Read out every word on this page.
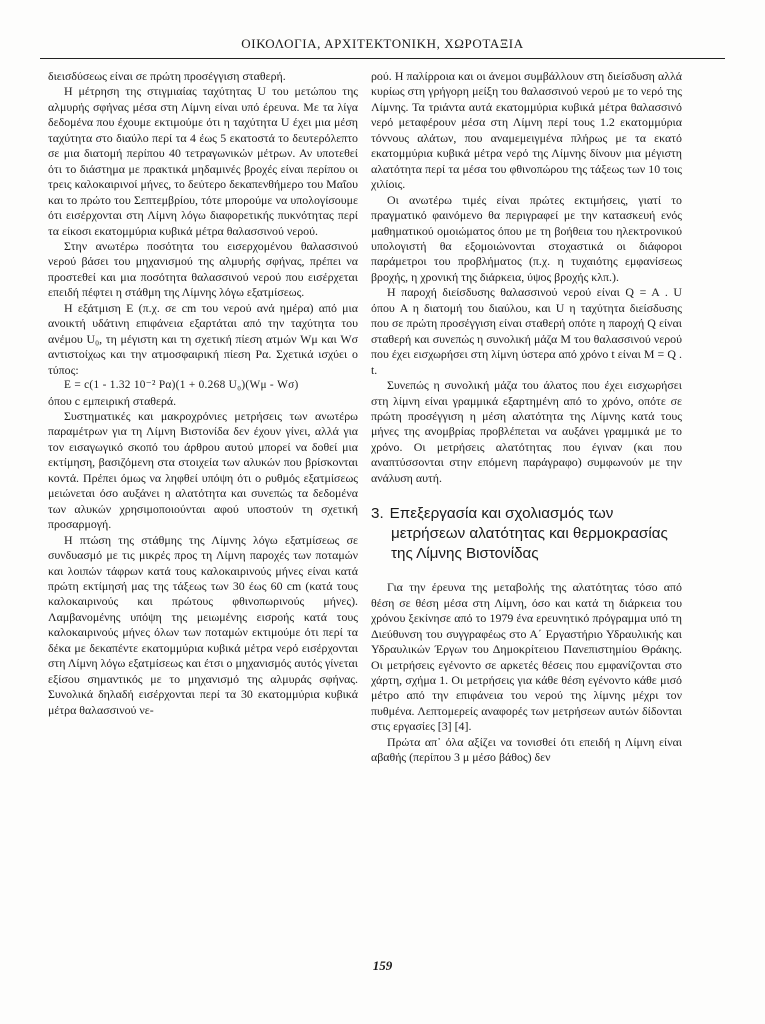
ΟΙΚΟΛΟΓΙΑ, ΑΡΧΙΤΕΚΤΟΝΙΚΗ, ΧΩΡΟΤΑΞΙΑ

διεισδύσεως είναι σε πρώτη προσέγγιση σταθερή.

Η μέτρηση της στιγμιαίας ταχύτητας U του μετώπου της αλμυρής σφήνας μέσα στη Λίμνη είναι υπό έρευνα. Με τα λίγα δεδομένα που έχουμε εκτιμούμε ότι η ταχύτητα U έχει μια μέση ταχύτητα στο διαύλο περί τα 4 έως 5 εκατοστά το δευτερόλεπτο σε μια διατομή περίπου 40 τετραγωνικών μέτρων. Αν υποτεθεί ότι το διάστημα με πρακτικά μηδαμινές βροχές είναι περίπου οι τρεις καλοκαιρινοί μήνες, το δεύτερο δεκαπενθήμερο του Μαΐου και το πρώτο του Σεπτεμβρίου, τότε μπορούμε να υπολογίσουμε ότι εισέρχονται στη Λίμνη λόγω διαφορετικής πυκνότητας περί τα είκοσι εκατομμύρια κυβικά μέτρα θαλασσινού νερού.

Στην ανωτέρω ποσότητα του εισερχομένου θαλασσινού νερού βάσει του μηχανισμού της αλμυρής σφήνας, πρέπει να προστεθεί και μια ποσότητα θαλασσινού νερού που εισέρχεται επειδή πέφτει η στάθμη της Λίμνης λόγω εξατμίσεως.

Η εξάτμιση E (π.χ. σε cm του νερού ανά ημέρα) από μια ανοικτή υδάτινη επιφάνεια εξαρτάται από την ταχύτητα του ανέμου U₀, τη μέγιστη και τη σχετική πίεση ατμών Wμ και Wσ αντιστοίχως και την ατμοσφαιρική πίεση Pα. Σχετικά ισχύει ο τύπος:

E = c(1 - 1.32 10⁻² Pα)(1 + 0.268 U₀)(Wμ - Wσ)

όπου c εμπειρική σταθερά.

Συστηματικές και μακροχρόνιες μετρήσεις των ανωτέρω παραμέτρων για τη Λίμνη Βιστονίδα δεν έχουν γίνει, αλλά για τον εισαγωγικό σκοπό του άρθρου αυτού μπορεί να δοθεί μια εκτίμηση, βασιζόμενη στα στοιχεία των αλυκών που βρίσκονται κοντά. Πρέπει όμως να ληφθεί υπόψη ότι ο ρυθμός εξατμίσεως μειώνεται όσο αυξάνει η αλατότητα και συνεπώς τα δεδομένα των αλυκών χρησιμοποιούνται αφού υποστούν τη σχετική προσαρμογή.

Η πτώση της στάθμης της Λίμνης λόγω εξατμίσεως σε συνδυασμό με τις μικρές προς τη Λίμνη παροχές των ποταμών και λοιπών τάφρων κατά τους καλοκαιρινούς μήνες είναι κατά πρώτη εκτίμησή μας της τάξεως των 30 έως 60 cm (κατά τους καλοκαιρινούς και πρώτους φθινοπωρινούς μήνες). Λαμβανομένης υπόψη της μειωμένης εισροής κατά τους καλοκαιρινούς μήνες όλων των ποταμών εκτιμούμε ότι περί τα δέκα με δεκαπέντε εκατομμύρια κυβικά μέτρα νερό εισέρχονται στη Λίμνη λόγω εξατμίσεως και έτσι ο μηχανισμός αυτός γίνεται εξίσου σημαντικός με το μηχανισμό της αλμυράς σφήνας. Συνολικά δηλαδή εισέρχονται περί τα 30 εκατομμύρια κυβικά μέτρα θαλασσινού νε-

ρού. Η παλίρροια και οι άνεμοι συμβάλλουν στη διείσδυση αλλά κυρίως στη γρήγορη μείξη του θαλασσινού νερού με το νερό της Λίμνης. Τα τριάντα αυτά εκατομμύρια κυβικά μέτρα θαλασσινό νερό μεταφέρουν μέσα στη Λίμνη περί τους 1.2 εκατομμύρια τόννους αλάτων, που αναμεμειγμένα πλήρως με τα εκατό εκατομμύρια κυβικά μέτρα νερό της Λίμνης δίνουν μια μέγιστη αλατότητα περί τα μέσα του φθινοπώρου της τάξεως των 10 τοις χιλίοις.

Οι ανωτέρω τιμές είναι πρώτες εκτιμήσεις, γιατί το πραγματικό φαινόμενο θα περιγραφεί με την κατασκευή ενός μαθηματικού ομοιώματος όπου με τη βοήθεια του ηλεκτρονικού υπολογιστή θα εξομοιώνονται στοχαστικά οι διάφοροι παράμετροι του προβλήματος (π.χ. η τυχαιότης εμφανίσεως βροχής, η χρονική της διάρκεια, ύψος βροχής κλπ.).

Η παροχή διείσδυσης θαλασσινού νερού είναι Q = A . U όπου A η διατομή του διαύλου, και U η ταχύτητα διείσδυσης που σε πρώτη προσέγγιση είναι σταθερή οπότε η παροχή Q είναι σταθερή και συνεπώς η συνολική μάζα M του θαλασσινού νερού που έχει εισχωρήσει στη λίμνη ύστερα από χρόνο t είναι M = Q . t.

Συνεπώς η συνολική μάζα του άλατος που έχει εισχωρήσει στη λίμνη είναι γραμμικά εξαρτημένη από το χρόνο, οπότε σε πρώτη προσέγγιση η μέση αλατότητα της Λίμνης κατά τους μήνες της ανομβρίας προβλέπεται να αυξάνει γραμμικά με το χρόνο. Οι μετρήσεις αλατότητας που έγιναν (και που αναπτύσσονται στην επόμενη παράγραφο) συμφωνούν με την ανάλυση αυτή.

3. Επεξεργασία και σχολιασμός των
μετρήσεων αλατότητας και θερμοκρασίας
της Λίμνης Βιστονίδας

Για την έρευνα της μεταβολής της αλατότητας τόσο από θέση σε θέση μέσα στη Λίμνη, όσο και κατά τη διάρκεια του χρόνου ξεκίνησε από το 1979 ένα ερευνητικό πρόγραμμα υπό τη Διεύθυνση του συγγραφέως στο Α΄ Εργαστήριο Υδραυλικής και Υδραυλικών Έργων του Δημοκρίτειου Πανεπιστημίου Θράκης. Οι μετρήσεις εγένοντο σε αρκετές θέσεις που εμφανίζονται στο χάρτη, σχήμα 1. Οι μετρήσεις για κάθε θέση εγένοντο κάθε μισό μέτρο από την επιφάνεια του νερού της λίμνης μέχρι τον πυθμένα. Λεπτομερείς αναφορές των μετρήσεων αυτών δίδονται στις εργασίες [3] [4].

Πρώτα απ᾽ όλα αξίζει να τονισθεί ότι επειδή η Λίμνη είναι αβαθής (περίπου 3 μ μέσο βάθος) δεν

159
